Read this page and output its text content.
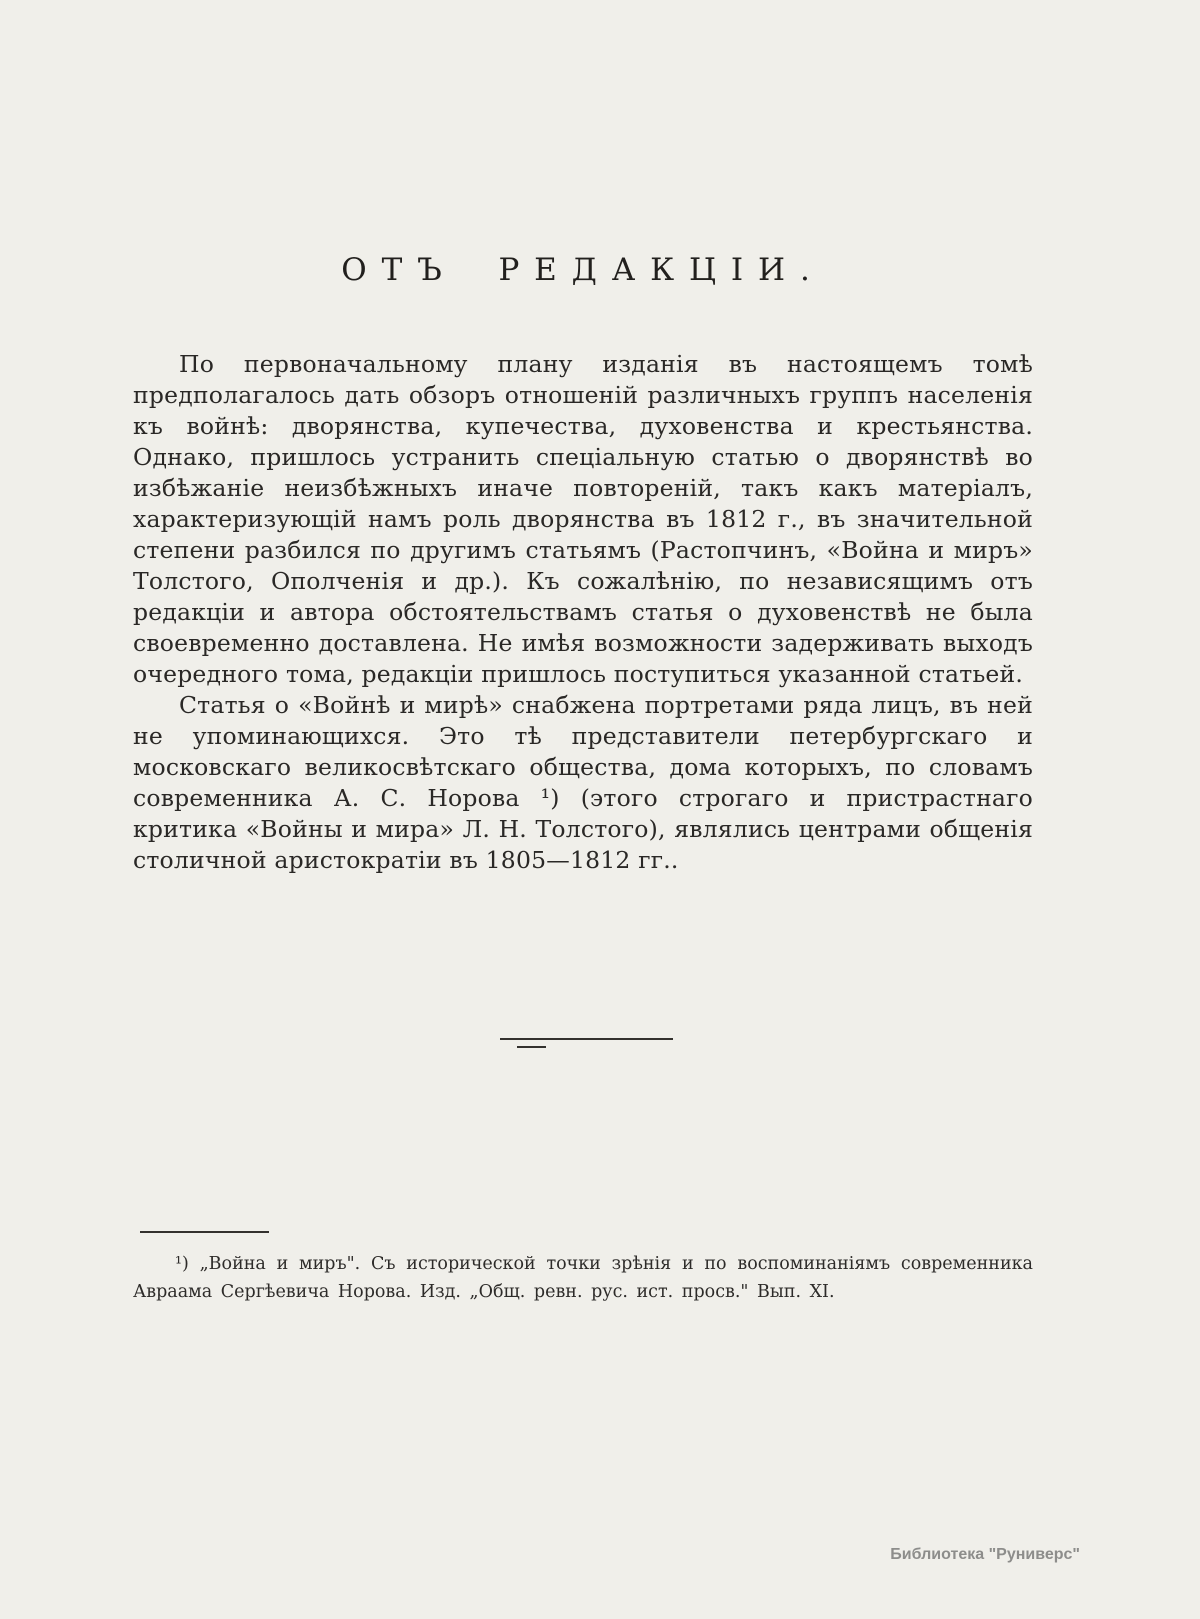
ОТЪ РЕДАКЦІИ.

По первоначальному плану изданія въ настоящемъ томѣ предполагалось дать обзоръ отношеній различныхъ группъ населенія къ войнѣ: дворянства, купечества, духовенства и крестьянства. Однако, пришлось устранить спеціальную статью о дворянствѣ во избѣжаніе неизбѣжныхъ иначе повтореній, такъ какъ матеріалъ, характеризующій намъ роль дворянства въ 1812 г., въ значительной степени разбился по другимъ статьямъ (Растопчинъ, «Война и миръ» Толстого, Ополченія и др.). Къ сожалѣнію, по независящимъ отъ редакціи и автора обстоятельствамъ статья о духовенствѣ не была своевременно доставлена. Не имѣя возможности задерживать выходъ очередного тома, редакціи пришлось поступиться указанной статьей.

Статья о «Войнѣ и мирѣ» снабжена портретами ряда лицъ, въ ней не упоминающихся. Это тѣ представители петербургскаго и московскаго великосвѣтскаго общества, дома которыхъ, по словамъ современника А. С. Норова ¹) (этого строгаго и пристрастнаго критика «Войны и мира» Л. Н. Толстого), являлись центрами общенія столичной аристократіи въ 1805—1812 гг..

¹) „Война и миръ". Съ исторической точки зрѣнія и по воспоминаніямъ современника Авраама Сергѣевича Норова. Изд. „Общ. ревн. рус. ист. просв." Вып. XI.

Библиотека "Руниверс"
